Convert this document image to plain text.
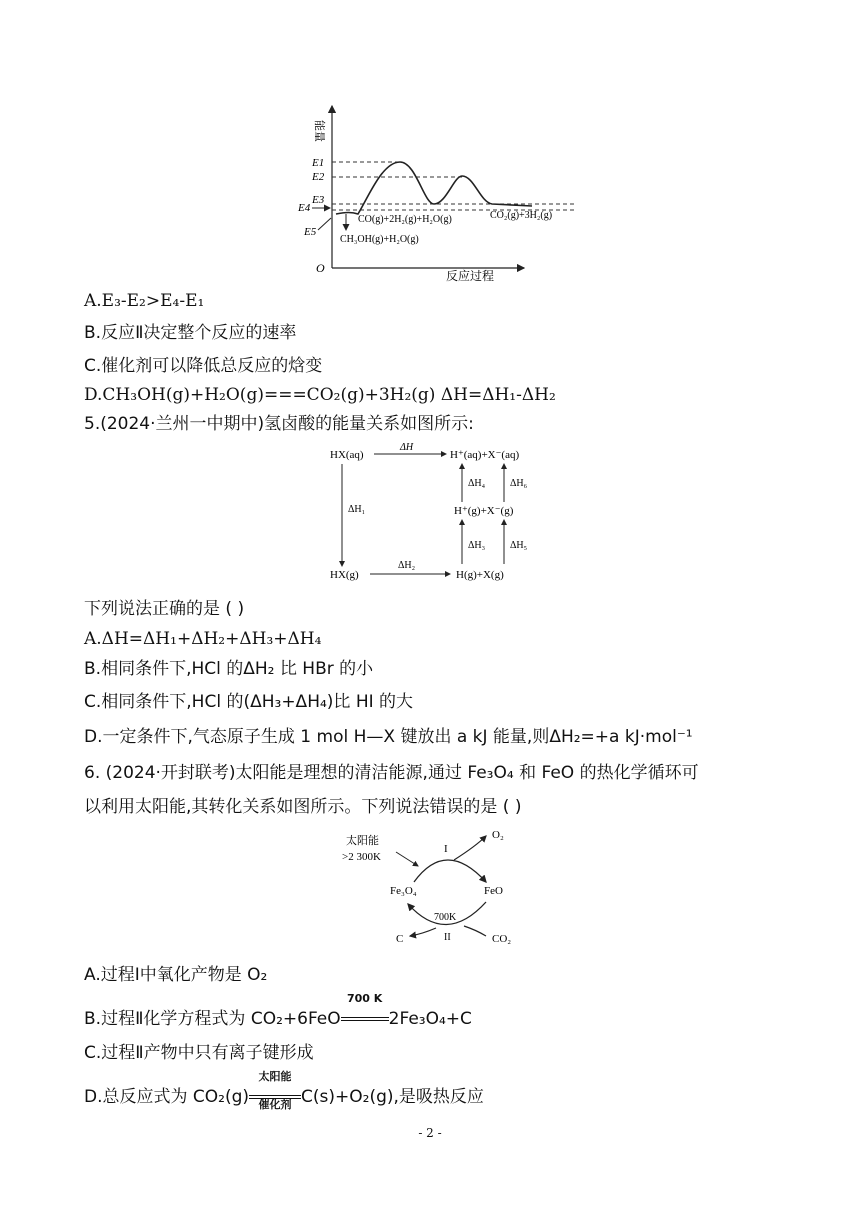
能量
反应过程
O
E1
E2
E3
E4
E5
CO(g)+2H₂(g)+H₂O(g)	CO₂(g)+3H₂(g)
CH₃OH(g)+H₂O(g)
A.E₃-E₂>E₄-E₁
B.反应Ⅱ决定整个反应的速率
C.催化剂可以降低总反应的焓变
D.CH₃OH(g)+H₂O(g)===CO₂(g)+3H₂(g) ΔH=ΔH₁-ΔH₂
5.(2024·兰州一中期中)氢卤酸的能量关系如图所示:
HX(aq)	H⁺(aq)+X⁻(aq)
H⁺(g)+X⁻(g)
HX(g)	H(g)+X(g)
ΔH
ΔH₁
ΔH₂
ΔH₃ ΔH₅
ΔH₄ ΔH₆
下列说法正确的是 ( )
A.ΔH=ΔH₁+ΔH₂+ΔH₃+ΔH₄
B.相同条件下,HCl 的ΔH₂ 比 HBr 的小
C.相同条件下,HCl 的(ΔH₃+ΔH₄)比 HI 的大
D.一定条件下,气态原子生成 1 mol H—X 键放出 a kJ 能量,则ΔH₂=+a kJ·mol⁻¹
6. (2024·开封联考)太阳能是理想的清洁能源,通过 Fe₃O₄ 和 FeO 的热化学循环可
以利用太阳能,其转化关系如图所示。下列说法错误的是 ( )
太阳能
>2 300K
I
O₂
Fe₃O₄	FeO
700K
II
C	CO₂
A.过程Ⅰ中氧化产物是 O₂
B.过程Ⅱ化学方程式为 CO₂+6FeO
700 K
2Fe₃O₄+C
C.过程Ⅱ产物中只有离子键形成
D.总反应式为 CO₂(g)
太阳能
催化剂 C(s)+O₂(g),是吸热反应
- 2 -
